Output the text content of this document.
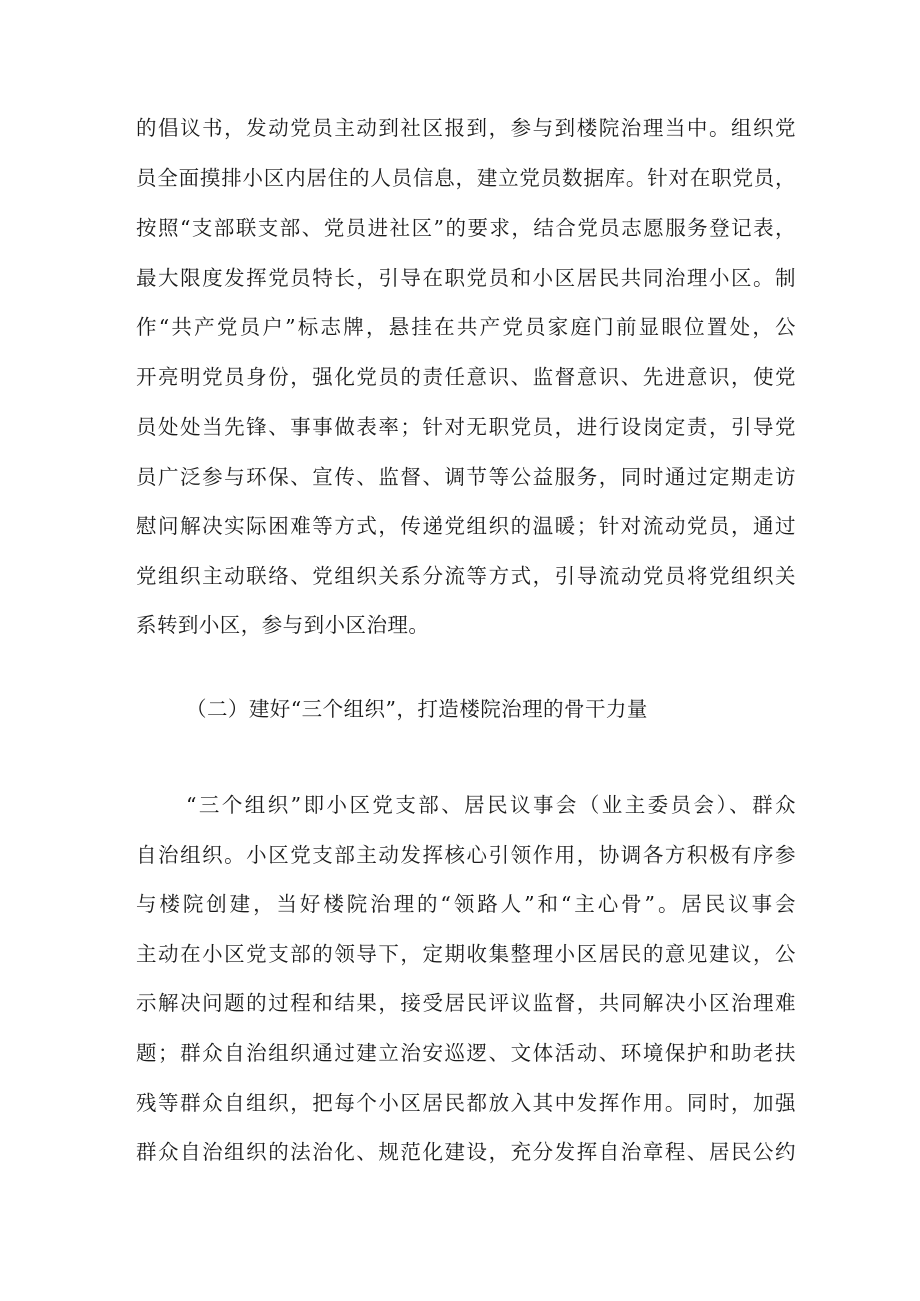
的倡议书，发动党员主动到社区报到，参与到楼院治理当中。组织党
员全面摸排小区内居住的人员信息，建立党员数据库。针对在职党员，
按照“支部联支部、党员进社区”的要求，结合党员志愿服务登记表，
最大限度发挥党员特长，引导在职党员和小区居民共同治理小区。制
作“共产党员户”标志牌，悬挂在共产党员家庭门前显眼位置处，公
开亮明党员身份，强化党员的责任意识、监督意识、先进意识，使党
员处处当先锋、事事做表率；针对无职党员，进行设岗定责，引导党
员广泛参与环保、宣传、监督、调节等公益服务，同时通过定期走访
慰问解决实际困难等方式，传递党组织的温暖；针对流动党员，通过
党组织主动联络、党组织关系分流等方式，引导流动党员将党组织关
系转到小区，参与到小区治理。
（二）建好“三个组织”，打造楼院治理的骨干力量
“三个组织”即小区党支部、居民议事会（业主委员会）、群众
自治组织。小区党支部主动发挥核心引领作用，协调各方积极有序参
与楼院创建，当好楼院治理的“领路人”和“主心骨”。居民议事会
主动在小区党支部的领导下，定期收集整理小区居民的意见建议，公
示解决问题的过程和结果，接受居民评议监督，共同解决小区治理难
题；群众自治组织通过建立治安巡逻、文体活动、环境保护和助老扶
残等群众自组织，把每个小区居民都放入其中发挥作用。同时，加强
群众自治组织的法治化、规范化建设，充分发挥自治章程、居民公约
